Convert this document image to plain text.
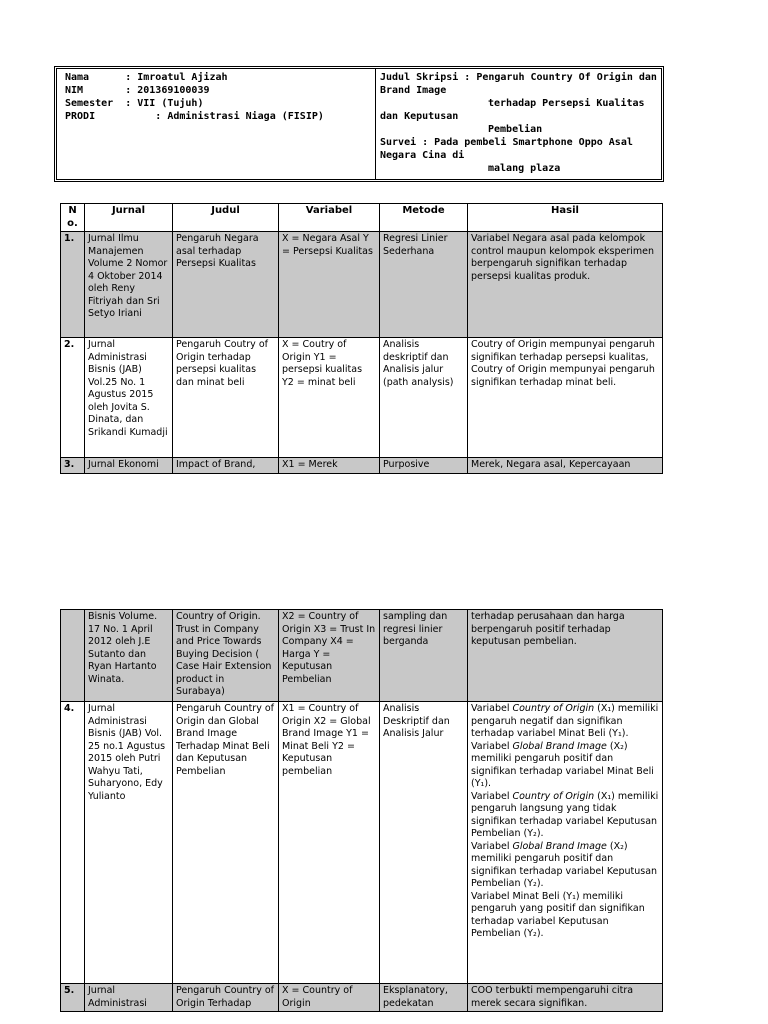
Nama      : Imroatul Ajizah
NIM       : 201369100039
Semester  : VII (Tujuh)
PRODI          : Administrasi Niaga (FISIP)
Judul Skripsi : Pengaruh Country Of Origin dan Brand Image
terhadap Persepsi Kualitas
dan Keputusan
Pembelian
Survei : Pada pembeli Smartphone Oppo Asal Negara Cina di
malang plaza
N o.	Jurnal	Judul	Variabel	Metode	Hasil
1.	Jurnal Ilmu Manajemen Volume 2 Nomor 4 Oktober 2014 oleh Reny Fitriyah dan Sri Setyo Iriani	Pengaruh Negara asal terhadap Persepsi Kualitas	X = Negara Asal Y = Persepsi Kualitas	Regresi Linier Sederhana	Variabel Negara asal pada kelompok control maupun kelompok eksperimen berpengaruh signifikan terhadap persepsi kualitas produk.
2.	Jurnal Administrasi Bisnis (JAB) Vol.25 No. 1 Agustus 2015 oleh Jovita S. Dinata, dan Srikandi Kumadji	Pengaruh Coutry of Origin terhadap persepsi kualitas dan minat beli	X = Coutry of Origin Y1 = persepsi kualitas Y2 = minat beli	Analisis deskriptif dan Analisis jalur (path analysis)	Coutry of Origin mempunyai pengaruh signifikan terhadap persepsi kualitas, Coutry of Origin mempunyai pengaruh signifikan terhadap minat beli.
3.	Jurnal Ekonomi	Impact of Brand,	X1 = Merek	Purposive	Merek, Negara asal, Kepercayaan
	Bisnis Volume. 17 No. 1 April 2012 oleh J.E Sutanto dan Ryan Hartanto Winata.	Country of Origin. Trust in Company and Price Towards Buying Decision ( Case Hair Extension product in Surabaya)	X2 = Country of Origin X3 = Trust In Company X4 = Harga Y = Keputusan Pembelian	sampling dan regresi linier berganda	terhadap perusahaan dan harga berpengaruh positif terhadap keputusan pembelian.
4.	Jurnal Administrasi Bisnis (JAB) Vol. 25 no.1 Agustus 2015 oleh Putri Wahyu Tati, Suharyono, Edy Yulianto	Pengaruh Country of Origin dan Global Brand Image Terhadap Minat Beli dan Keputusan Pembelian	X1 = Country of Origin X2 = Global Brand Image Y1 = Minat Beli Y2 = Keputusan pembelian	Analisis Deskriptif dan Analisis Jalur	Variabel Country of Origin (X₁) memiliki pengaruh negatif dan signifikan terhadap variabel Minat Beli (Y₁).
Variabel Global Brand Image (X₂) memiliki pengaruh positif dan signifikan terhadap variabel Minat Beli (Y₁).
Variabel Country of Origin (X₁) memiliki pengaruh langsung yang tidak signifikan terhadap variabel Keputusan Pembelian (Y₂).
Variabel Global Brand Image (X₂) memiliki pengaruh positif dan signifikan terhadap variabel Keputusan Pembelian (Y₂).
Variabel Minat Beli (Y₁) memiliki pengaruh yang positif dan signifikan terhadap variabel Keputusan Pembelian (Y₂).

5.	Jurnal Administrasi	Pengaruh Country of Origin Terhadap	X = Country of Origin	Eksplanatory, pedekatan	COO terbukti mempengaruhi citra merek secara signifikan.
